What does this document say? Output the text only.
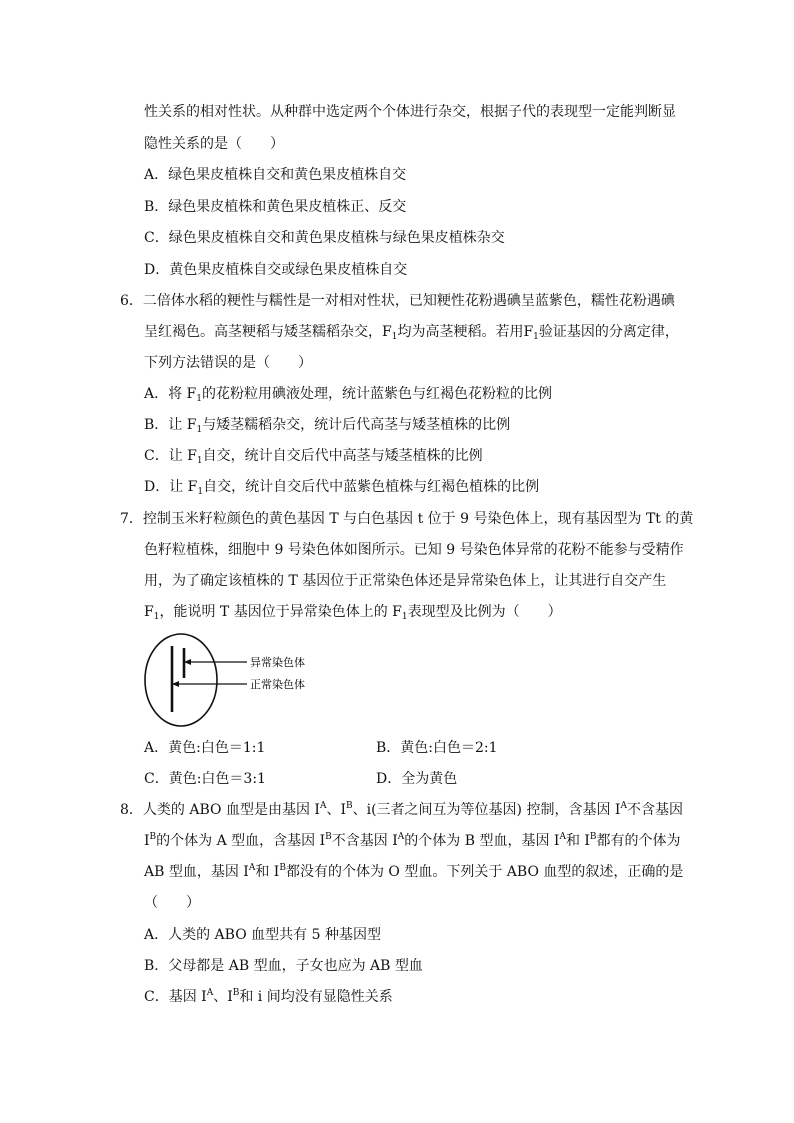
性关系的相对性状。从种群中选定两个个体进行杂交，根据子代的表现型一定能判断显
隐性关系的是（　　）
A．绿色果皮植株自交和黄色果皮植株自交
B．绿色果皮植株和黄色果皮植株正、反交
C．绿色果皮植株自交和黄色果皮植株与绿色果皮植株杂交
D．黄色果皮植株自交或绿色果皮植株自交
6．二倍体水稻的粳性与糯性是一对相对性状，已知粳性花粉遇碘呈蓝紫色，糯性花粉遇碘
呈红褐色。高茎粳稻与矮茎糯稻杂交，$F_1$均为高茎粳稻。若用$F_1$验证基因的分离定律，
下列方法错误的是（　　）
A．将 $F_1$的花粉粒用碘液处理，统计蓝紫色与红褐色花粉粒的比例
B．让 $F_1$与矮茎糯稻杂交，统计后代高茎与矮茎植株的比例
C．让 $F_1$自交，统计自交后代中高茎与矮茎植株的比例
D．让 $F_1$自交，统计自交后代中蓝紫色植株与红褐色植株的比例
7．控制玉米籽粒颜色的黄色基因 T 与白色基因 t 位于 9 号染色体上，现有基因型为 Tt 的黄
色籽粒植株，细胞中 9 号染色体如图所示。已知 9 号染色体异常的花粉不能参与受精作
用，为了确定该植株的 T 基因位于正常染色体还是异常染色体上，让其进行自交产生
$F_1$，能说明 T 基因位于异常染色体上的 $F_1$表现型及比例为（　　）
异常染色体
正常染色体
A．黄色:白色＝1:1	B．黄色:白色＝2:1
C．黄色:白色＝3:1	D．全为黄色
8．人类的 ABO 血型是由基因 $I^A$、$I^B$、i(三者之间互为等位基因) 控制，含基因 $I^A$不含基因
$I^B$的个体为 A 型血，含基因 $I^B$不含基因 $I^A$的个体为 B 型血，基因 $I^A$和 $I^B$都有的个体为
AB 型血，基因 $I^A$和 $I^B$都没有的个体为 O 型血。下列关于 ABO 血型的叙述，正确的是
（　　）
A．人类的 ABO 血型共有 5 种基因型
B．父母都是 AB 型血，子女也应为 AB 型血
C．基因 $I^A$、$I^B$和 i 间均没有显隐性关系
